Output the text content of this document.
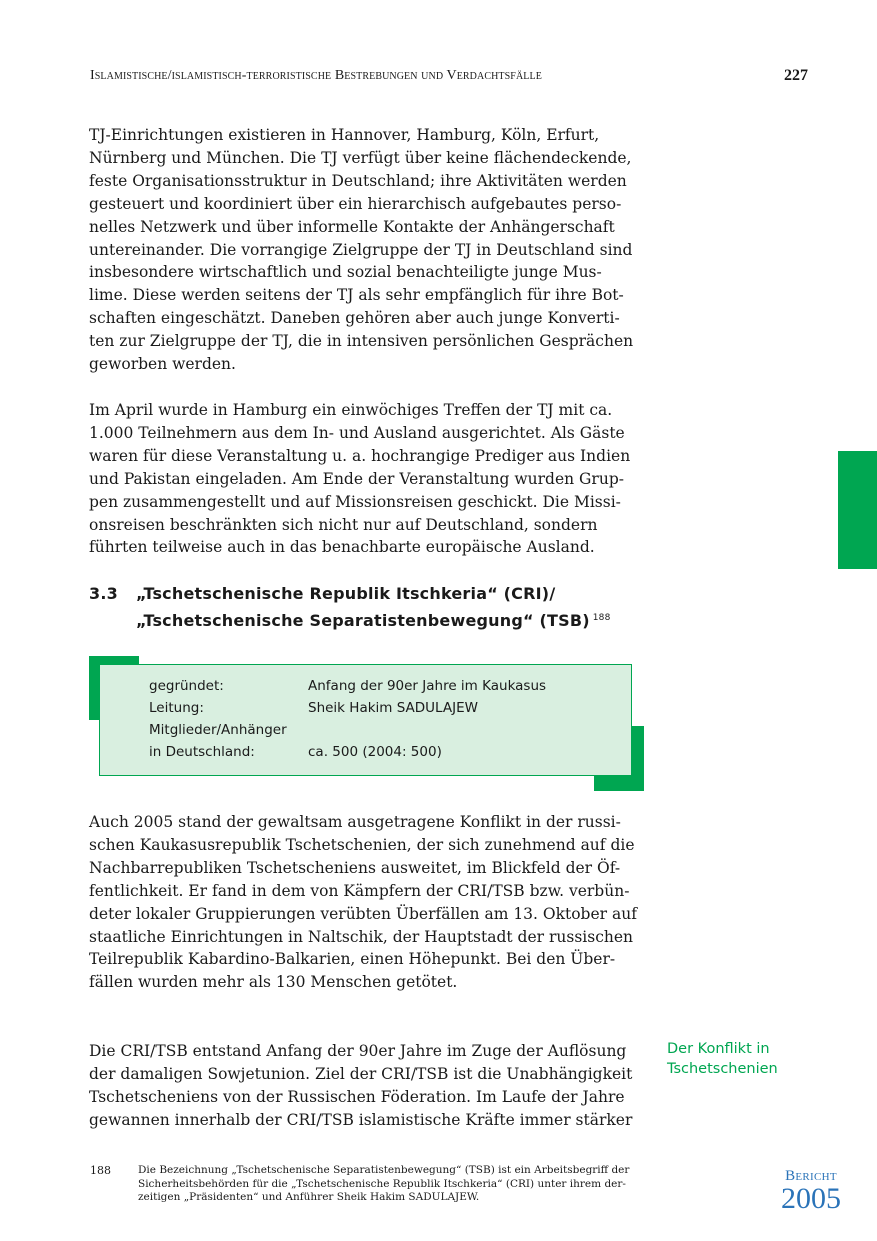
Islamistische/islamistisch-terroristische Bestrebungen und Verdachtsfälle	227

TJ-Einrichtungen existieren in Hannover, Hamburg, Köln, Erfurt,
Nürnberg und München. Die TJ verfügt über keine flächendeckende,
feste Organisationsstruktur in Deutschland; ihre Aktivitäten werden
gesteuert und koordiniert über ein hierarchisch aufgebautes perso-
nelles Netzwerk und über informelle Kontakte der Anhängerschaft
untereinander. Die vorrangige Zielgruppe der TJ in Deutschland sind
insbesondere wirtschaftlich und sozial benachteiligte junge Mus-
lime. Diese werden seitens der TJ als sehr empfänglich für ihre Bot-
schaften eingeschätzt. Daneben gehören aber auch junge Konverti-
ten zur Zielgruppe der TJ, die in intensiven persönlichen Gesprächen
geworben werden.

Im April wurde in Hamburg ein einwöchiges Treffen der TJ mit ca.
1.000 Teilnehmern aus dem In- und Ausland ausgerichtet. Als Gäste
waren für diese Veranstaltung u. a. hochrangige Prediger aus Indien
und Pakistan eingeladen. Am Ende der Veranstaltung wurden Grup-
pen zusammengestellt und auf Missionsreisen geschickt. Die Missi-
onsreisen beschränkten sich nicht nur auf Deutschland, sondern
führten teilweise auch in das benachbarte europäische Ausland.

3.3 „Tschetschenische Republik Itschkeria“ (CRI)/
„Tschetschenische Separatistenbewegung“ (TSB) $^{188}$
gegründet:	Anfang der 90er Jahre im Kaukasus
Leitung:	Sheik Hakim SADULAJEW
Mitglieder/Anhänger
in Deutschland:	ca. 500 (2004: 500)

Auch 2005 stand der gewaltsam ausgetragene Konflikt in der russi-
schen Kaukasusrepublik Tschetschenien, der sich zunehmend auf die
Nachbarrepubliken Tschetscheniens ausweitet, im Blickfeld der Öf-
fentlichkeit. Er fand in dem von Kämpfern der CRI/TSB bzw. verbün-
deter lokaler Gruppierungen verübten Überfällen am 13. Oktober auf
staatliche Einrichtungen in Naltschik, der Hauptstadt der russischen
Teilrepublik Kabardino-Balkarien, einen Höhepunkt. Bei den Über-
fällen wurden mehr als 130 Menschen getötet.

Die CRI/TSB entstand Anfang der 90er Jahre im Zuge der Auflösung
der damaligen Sowjetunion. Ziel der CRI/TSB ist die Unabhängigkeit
Tschetscheniens von der Russischen Föderation. Im Laufe der Jahre
gewannen innerhalb der CRI/TSB islamistische Kräfte immer stärker

Der Konflikt in
Tschetschenien
188	Die Bezeichnung „Tschetschenische Separatistenbewegung“ (TSB) ist ein Arbeitsbegriff der
Sicherheitsbehörden für die „Tschetschenische Republik Itschkeria“ (CRI) unter ihrem der-
zeitigen „Präsidenten“ und Anführer Sheik Hakim SADULAJEW.
Bericht
2005
